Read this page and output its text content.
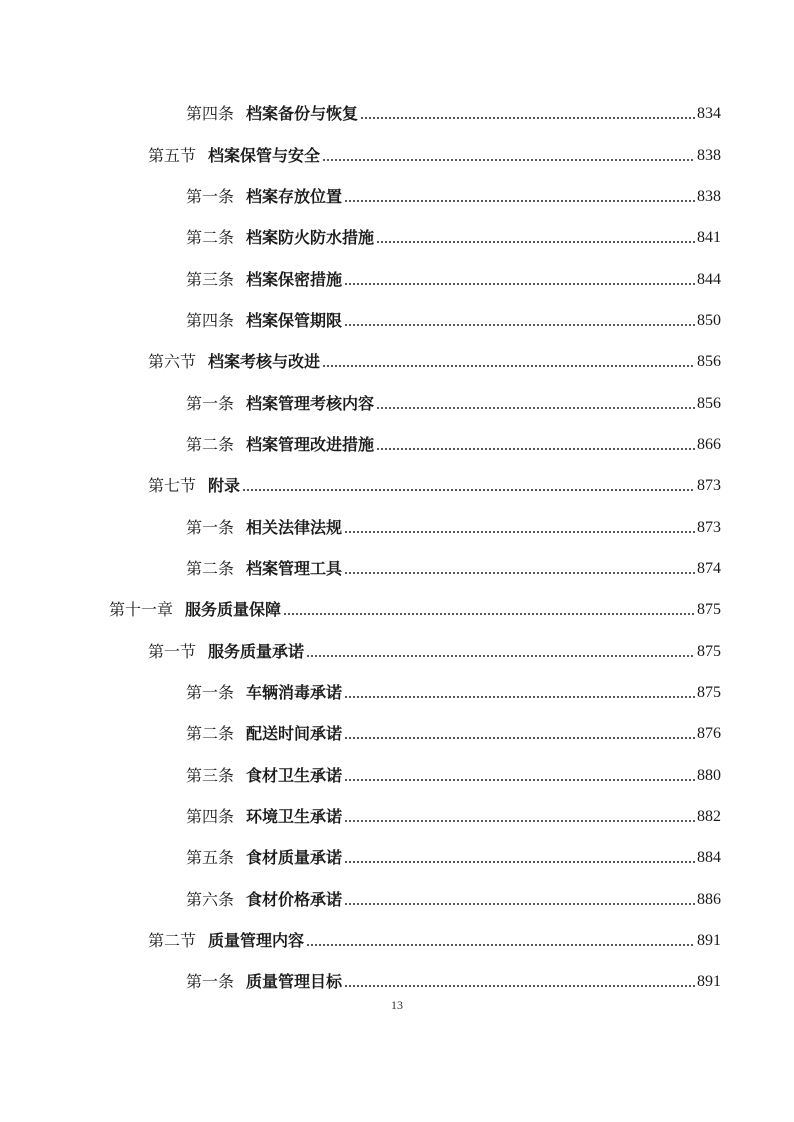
第四条 档案备份与恢复	834
第五节 档案保管与安全	838
第一条 档案存放位置	838
第二条 档案防火防水措施	841
第三条 档案保密措施	844
第四条 档案保管期限	850
第六节 档案考核与改进	856
第一条 档案管理考核内容	856
第二条 档案管理改进措施	866
第七节 附录	873
第一条 相关法律法规	873
第二条 档案管理工具	874
第十一章 服务质量保障	875
第一节 服务质量承诺	875
第一条 车辆消毒承诺	875
第二条 配送时间承诺	876
第三条 食材卫生承诺	880
第四条 环境卫生承诺	882
第五条 食材质量承诺	884
第六条 食材价格承诺	886
第二节 质量管理内容	891
第一条 质量管理目标	891
13
